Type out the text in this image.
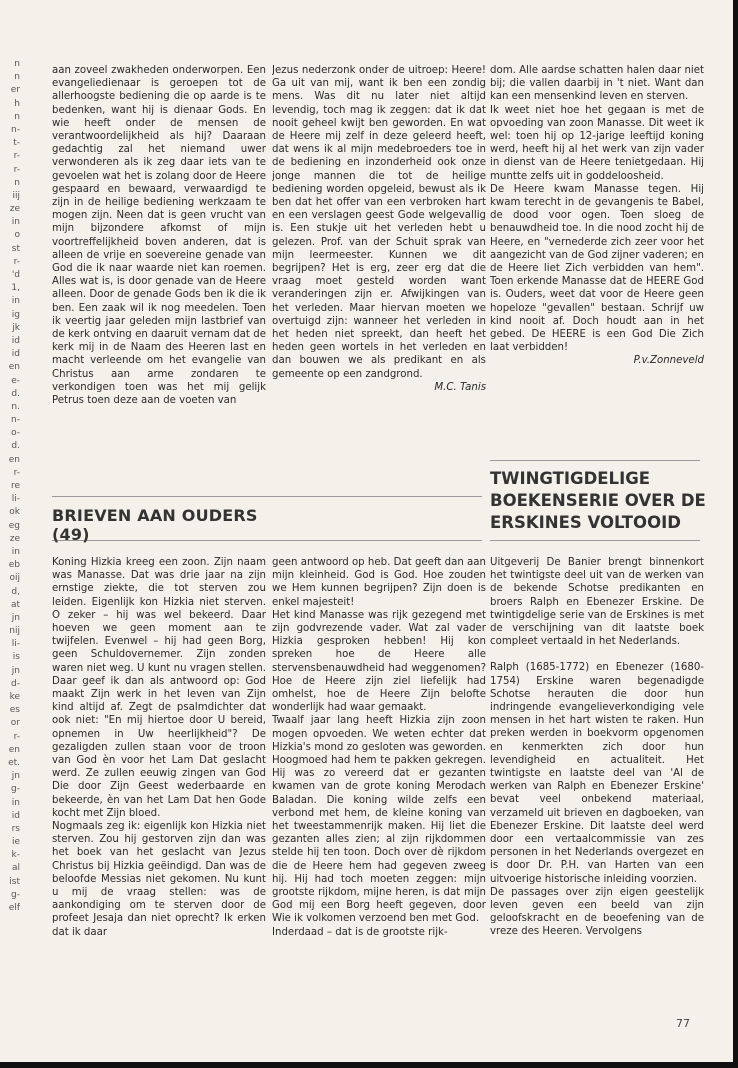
n
n
er
h
n
n-
t-
r-
r-
n
iij
ze
in
o
st
r-
'd
1,
in
ig
jk
id
id
en
e-
d.
n.
n-
o-
d.
en
r-
re
li-
ok
eg
ze
in
eb
oij
d,
at
jn
nij
li-
is
jn
d-
ke
es
or
r-
en
et.
jn
g-
in
id
rs
ie
k-
al
ist
g-
elf

aan zoveel zwakheden onderworpen. Een evangeliedienaar is geroepen tot de allerhoogste bediening die op aarde is te bedenken, want hij is dienaar Gods. En wie heeft onder de mensen de verantwoordelijkheid als hij? Daaraan gedachtig zal het niemand uwer verwonderen als ik zeg daar iets van te gevoelen wat het is zolang door de Heere gespaard en bewaard, verwaardigd te zijn in de heilige bediening werkzaam te mogen zijn. Neen dat is geen vrucht van mijn bijzondere afkomst of mijn voortreffelijkheid boven anderen, dat is alleen de vrije en soevereine genade van God die ik naar waarde niet kan roemen. Alles wat is, is door genade van de Heere alleen. Door de genade Gods ben ik die ik ben. Een zaak wil ik nog meedelen. Toen ik veertig jaar geleden mijn lastbrief van de kerk ontving en daaruit vernam dat de kerk mij in de Naam des Heeren last en macht verleende om het evangelie van Christus aan arme zondaren te verkondigen toen was het mij gelijk Petrus toen deze aan de voeten van

Jezus nederzonk onder de uitroep: Heere! Ga uit van mij, want ik ben een zondig mens. Was dit nu later niet altijd levendig, toch mag ik zeggen: dat ik dat nooit geheel kwijt ben geworden. En wat de Heere mij zelf in deze geleerd heeft, dat wens ik al mijn medebroeders toe in de bediening en inzonderheid ook onze jonge mannen die tot de heilige bediening worden opgeleid, bewust als ik ben dat het offer van een verbroken hart en een verslagen geest Gode welgevallig is. Een stukje uit het verleden hebt u gelezen. Prof. van der Schuit sprak van mijn leermeester. Kunnen we dit begrijpen? Het is erg, zeer erg dat die vraag moet gesteld worden want veranderingen zijn er. Afwijkingen van het verleden. Maar hiervan moeten we overtuigd zijn: wanneer het verleden in het heden niet spreekt, dan heeft het heden geen wortels in het verleden en dan bouwen we als predikant en als gemeente op een zandgrond.

M.C. Tanis

dom. Alle aardse schatten halen daar niet bij; die vallen daarbij in 't niet. Want dan kan een mensenkind leven en sterven.

Ik weet niet hoe het gegaan is met de opvoeding van zoon Manasse. Dit weet ik wel: toen hij op 12-jarige leeftijd koning werd, heeft hij al het werk van zijn vader in dienst van de Heere tenietgedaan. Hij muntte zelfs uit in goddeloosheid.

De Heere kwam Manasse tegen. Hij kwam terecht in de gevangenis te Babel, de dood voor ogen. Toen sloeg de benauwdheid toe. In die nood zocht hij de Heere, en "vernederde zich zeer voor het aangezicht van de God zijner vaderen; en de Heere liet Zich verbidden van hem". Toen erkende Manasse dat de HEERE God is. Ouders, weet dat voor de Heere geen hopeloze "gevallen" bestaan. Schrijf uw kind nooit af. Doch houdt aan in het gebed. De HEERE is een God Die Zich laat verbidden!

P.v.Zonneveld

BRIEVEN AAN OUDERS (49)
TWINGTIGDELIGE BOEKENSERIE OVER DE ERSKINES VOLTOOID

Koning Hizkia kreeg een zoon. Zijn naam was Manasse. Dat was drie jaar na zijn ernstige ziekte, die tot sterven zou leiden. Eigenlijk kon Hizkia niet sterven. O zeker – hij was wel bekeerd. Daar hoeven we geen moment aan te twijfelen. Evenwel – hij had geen Borg, geen Schuldovernemer. Zijn zonden waren niet weg. U kunt nu vragen stellen. Daar geef ik dan als antwoord op: God maakt Zijn werk in het leven van Zijn kind altijd af. Zegt de psalmdichter dat ook niet: "En mij hiertoe door U bereid, opnemen in Uw heerlijkheid"? De gezaligden zullen staan voor de troon van God èn voor het Lam Dat geslacht werd. Ze zullen eeuwig zingen van God Die door Zijn Geest wederbaarde en bekeerde, èn van het Lam Dat hen Gode kocht met Zijn bloed.

Nogmaals zeg ik: eigenlijk kon Hizkia niet sterven. Zou hij gestorven zijn dan was het boek van het geslacht van Jezus Christus bij Hizkia geëindigd. Dan was de beloofde Messias niet gekomen. Nu kunt u mij de vraag stellen: was de aankondiging om te sterven door de profeet Jesaja dan niet oprecht? Ik erken dat ik daar

geen antwoord op heb. Dat geeft dan aan mijn kleinheid. God is God. Hoe zouden we Hem kunnen begrijpen? Zijn doen is enkel majesteit!

Het kind Manasse was rijk gezegend met zijn godvrezende vader. Wat zal vader Hizkia gesproken hebben! Hij kon spreken hoe de Heere alle stervensbenauwdheid had weggenomen? Hoe de Heere zijn ziel liefelijk had omhelst, hoe de Heere Zijn beloftе wonderlijk had waar gemaakt.

Twaalf jaar lang heeft Hizkia zijn zoon mogen opvoeden. We weten echter dat Hizkia's mond zo gesloten was geworden. Hoogmoed had hem te pakken gekregen. Hij was zo vereerd dat er gezanten kwamen van de grote koning Merodach Baladan. Die koning wilde zelfs een verbond met hem, de kleine koning van het tweestammenrijk maken. Hij liet die gezanten alles zien; al zijn rijkdommen stelde hij ten toon. Doch over dè rijkdom die de Heere hem had gegeven zweeg hij. Hij had toch moeten zeggen: mijn grootste rijkdom, mijne heren, is dat mijn God mij een Borg heeft gegeven, door Wie ik volkomen verzoend ben met God.

Inderdaad – dat is de grootste rijk-

Uitgeverij De Banier brengt binnenkort het twintigste deel uit van de werken van de bekende Schotse predikanten en broers Ralph en Ebenezer Erskine. De twintigdelige serie van de Erskines is met de verschijning van dit laatste boek compleet vertaald in het Nederlands.

Ralph (1685-1772) en Ebenezer (1680-1754) Erskine waren begenadigde Schotse herauten die door hun indringende evangelieverkondiging vele mensen in het hart wisten te raken. Hun preken werden in boekvorm opgenomen en kenmerkten zich door hun levendigheid en actualiteit. Het twintigste en laatste deel van 'Al de werken van Ralph en Ebenezer Erskine' bevat veel onbekend materiaal, verzameld uit brieven en dagboeken, van Ebenezer Erskine. Dit laatste deel werd door een vertaalcommissie van zes personen in het Nederlands overgezet en is door Dr. P.H. van Harten van een uitvoerige historische inleiding voorzien.

De passages over zijn eigen geestelijk leven geven een beeld van zijn geloofskracht en de beoefening van de vreze des Heeren. Vervolgens

77
